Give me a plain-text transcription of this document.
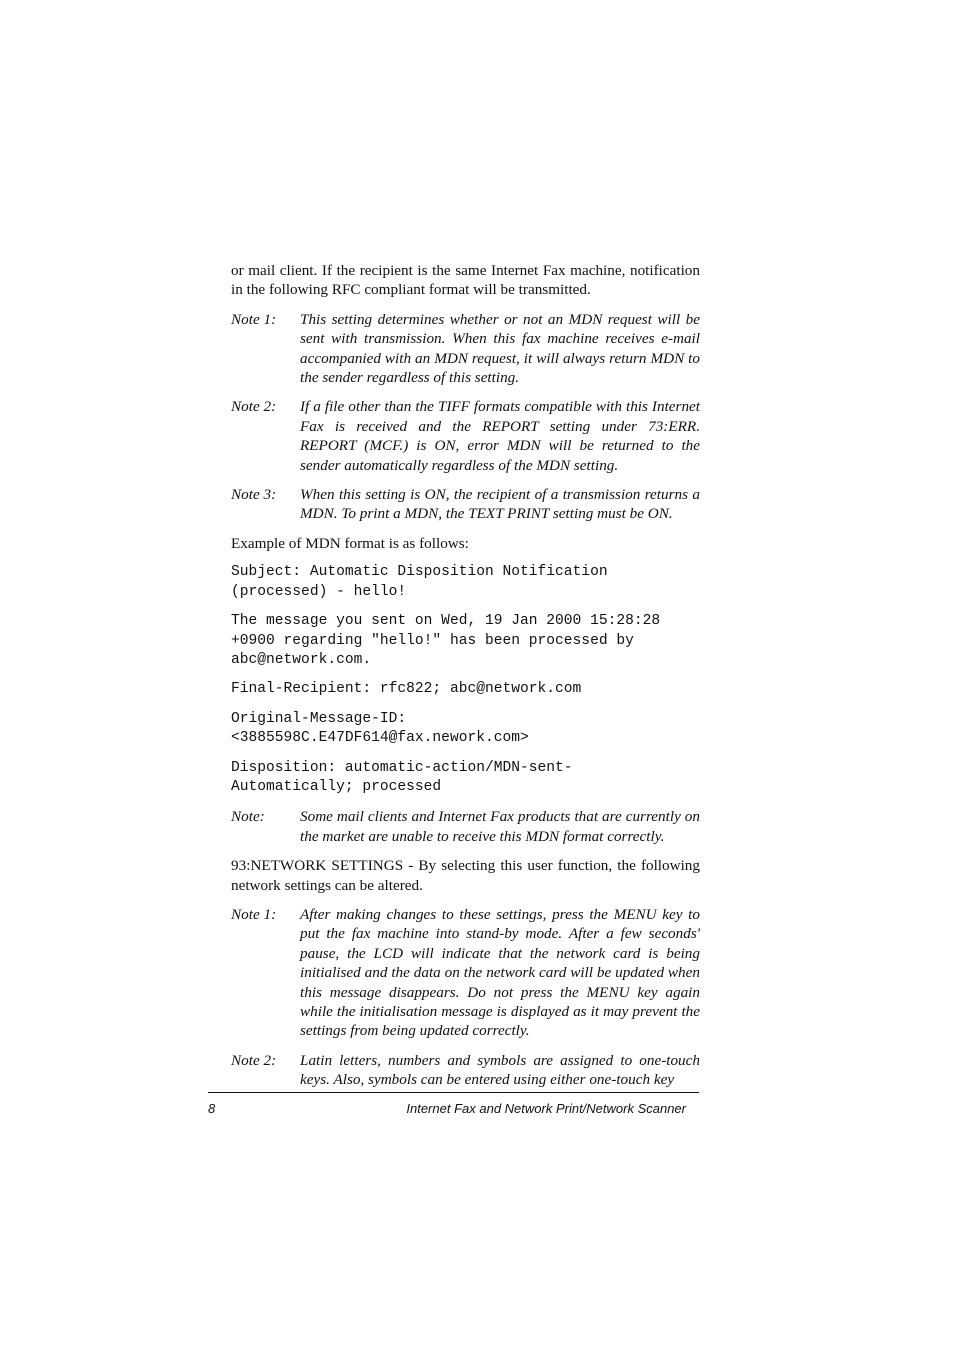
or mail client. If the recipient is the same Internet Fax machine, notification in the following RFC compliant format will be transmitted.

Note 1:	This setting determines whether or not an MDN request will be sent with transmission. When this fax machine receives e-mail accompanied with an MDN request, it will always return MDN to the sender regardless of this setting.
Note 2:	If a file other than the TIFF formats compatible with this Internet Fax is received and the REPORT setting under 73:ERR. REPORT (MCF.) is ON, error MDN will be returned to the sender automatically regardless of the MDN setting.
Note 3:	When this setting is ON, the recipient of a transmission returns a MDN. To print a MDN, the TEXT PRINT setting must be ON.

Example of MDN format is as follows:

Subject: Automatic Disposition Notification
(processed) - hello!
The message you sent on Wed, 19 Jan 2000 15:28:28
+0900 regarding "hello!" has been processed by
abc@network.com.
Final-Recipient: rfc822; abc@network.com
Original-Message-ID:
<3885598C.E47DF614@fax.nework.com>
Disposition: automatic-action/MDN-sent-
Automatically; processed
Note:	Some mail clients and Internet Fax products that are currently on the market are unable to receive this MDN format correctly.

93:NETWORK SETTINGS - By selecting this user function, the following network settings can be altered.

Note 1:	After making changes to these settings, press the MENU key to put the fax machine into stand-by mode. After a few seconds' pause, the LCD will indicate that the network card is being initialised and the data on the network card will be updated when this message disappears. Do not press the MENU key again while the initialisation message is displayed as it may prevent the settings from being updated correctly.
Note 2:	Latin letters, numbers and symbols are assigned to one-touch keys. Also, symbols can be entered using either one-touch key
8	Internet Fax and Network Print/Network Scanner
